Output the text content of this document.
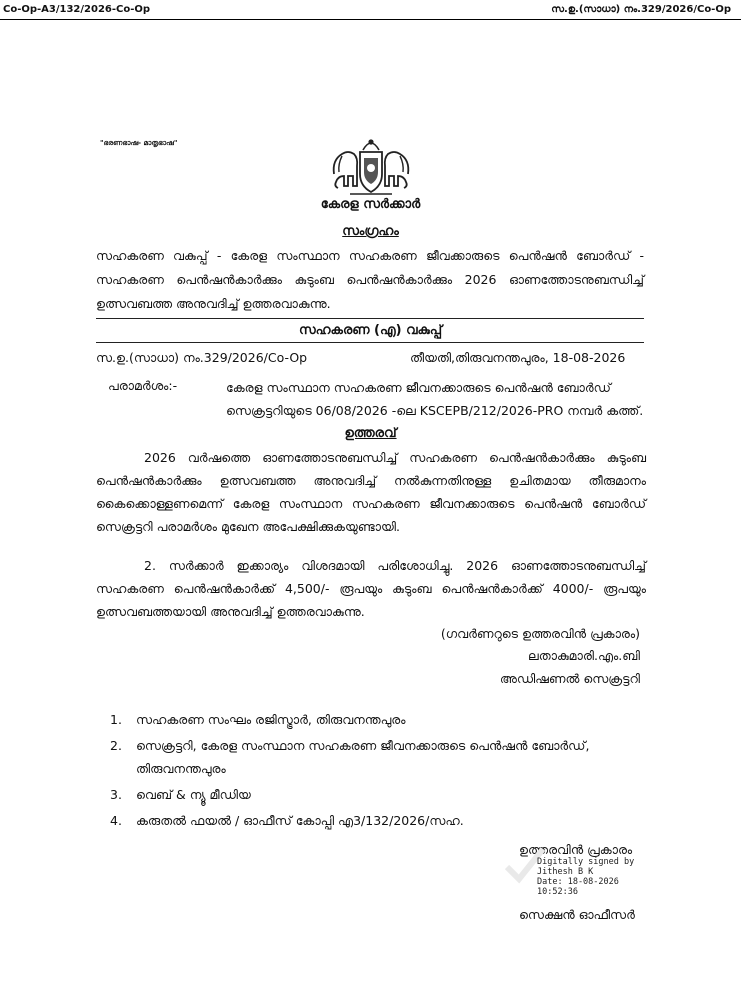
Co-Op-A3/132/2026-Co-Op	സ.ഉ.(സാധാ) നം.329/2026/Co-Op
"ഭരണഭാഷ- മാതൃഭാഷ"
കേരള സർക്കാർ
സംഗ്രഹം
സഹകരണ വകുപ്പ് - കേരള സംസ്ഥാന സഹകരണ ജീവക്കാരുടെ പെൻഷൻ ബോർഡ് - സഹകരണ പെൻഷൻകാർക്കും കുടുംബ പെൻഷൻകാർക്കും 2026 ഓണത്തോടനുബന്ധിച്ച് ഉത്സവബത്ത അനുവദിച്ച് ഉത്തരവാകുന്നു.
സഹകരണ (എ) വകുപ്പ്
സ.ഉ.(സാധാ) നം.329/2026/Co-Op	തീയതി,തിരുവനന്തപുരം, 18-08-2026
പരാമർശം:-	കേരള സംസ്ഥാന സഹകരണ ജീവനക്കാരുടെ പെൻഷൻ ബോർഡ് സെക്രട്ടറിയുടെ 06/08/2026 -ലെ KSCEPB/212/2026-PRO നമ്പർ കത്ത്.
ഉത്തരവ്
2026 വർഷത്തെ ഓണത്തോടനുബന്ധിച്ച് സഹകരണ പെൻഷൻകാർക്കും കുടുംബ പെൻഷൻകാർക്കും ഉത്സവബത്ത അനുവദിച്ച് നൽകുന്നതിനുള്ള ഉചിതമായ തീരുമാനം കൈക്കൊള്ളണമെന്ന് കേരള സംസ്ഥാന സഹകരണ ജീവനക്കാരുടെ പെൻഷൻ ബോർഡ് സെക്രട്ടറി പരാമർശം മുഖേന അപേക്ഷിക്കുകയുണ്ടായി.
2. സർക്കാർ ഇക്കാര്യം വിശദമായി പരിശോധിച്ചു. 2026 ഓണത്തോടനുബന്ധിച്ച് സഹകരണ പെൻഷൻകാർക്ക് 4,500/- രൂപയും കുടുംബ പെൻഷൻകാർക്ക് 4000/- രൂപയും ഉത്സവബത്തയായി അനുവദിച്ച് ഉത്തരവാകുന്നു.
(ഗവർണറുടെ ഉത്തരവിൻ പ്രകാരം)
ലതാകുമാരി.എം.ബി
അഡിഷണൽ സെക്രട്ടറി
1. സഹകരണ സംഘം രജിസ്ട്രാർ, തിരുവനന്തപുരം
2. സെക്രട്ടറി, കേരള സംസ്ഥാന സഹകരണ ജീവനക്കാരുടെ പെൻഷൻ ബോർഡ്, തിരുവനന്തപുരം
3. വെബ് & ന്യൂ മീഡിയ
4. കരുതൽ ഫയൽ / ഓഫീസ് കോപ്പി എ3/132/2026/സഹ.
ഉത്തരവിൻ പ്രകാരം
Digitally signed by
Jithesh B K
Date: 18-08-2026
10:52:36
സെക്ഷൻ ഓഫീസർ
